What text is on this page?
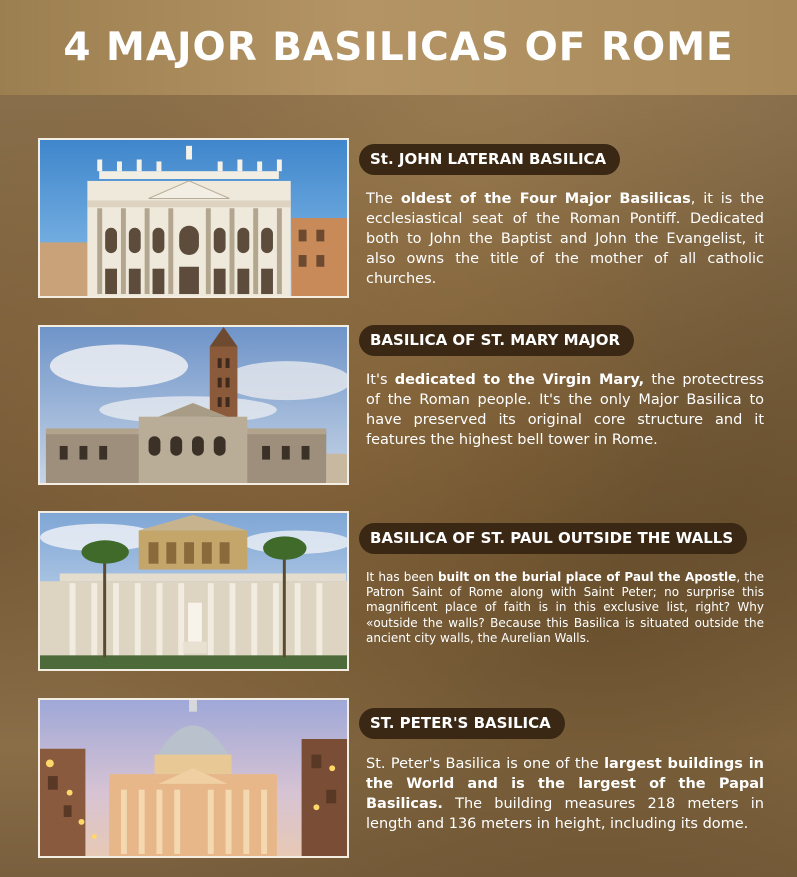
4 MAJOR BASILICAS OF ROME
St. JOHN LATERAN BASILICA

The oldest of the Four Major Basilicas, it is the ecclesiastical seat of the Roman Pontiff. Dedicated both to John the Baptist and John the Evangelist, it also owns the title of the mother of all catholic churches.

BASILICA OF ST. MARY MAJOR

It's dedicated to the Virgin Mary, the protectress of the Roman people. It's the only Major Basilica to have preserved its original core structure and it features the highest bell tower in Rome.

BASILICA OF ST. PAUL OUTSIDE THE WALLS

It has been built on the burial place of Paul the Apostle, the Patron Saint of Rome along with Saint Peter; no surprise this magnificent place of faith is in this exclusive list, right? Why «outside the walls? Because this Basilica is situated outside the ancient city walls, the Aurelian Walls.

ST. PETER'S BASILICA

St. Peter's Basilica is one of the largest buildings in the World and is the largest of the Papal Basilicas. The building measures 218 meters in length and 136 meters in height, including its dome.
